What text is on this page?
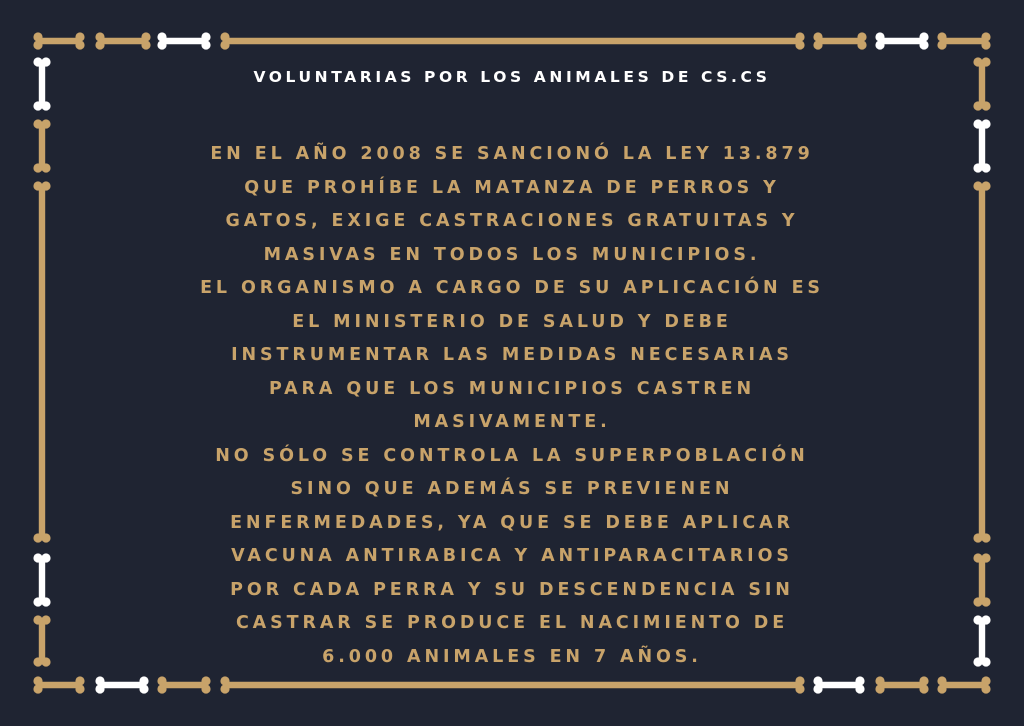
VOLUNTARIAS POR LOS ANIMALES DE CS.CS
EN EL AÑO 2008 SE SANCIONÓ LA LEY 13.879
QUE PROHÍBE LA MATANZA DE PERROS Y
GATOS, EXIGE CASTRACIONES GRATUITAS Y
MASIVAS EN TODOS LOS MUNICIPIOS.
EL ORGANISMO A CARGO DE SU APLICACIÓN ES
EL MINISTERIO DE SALUD Y DEBE
INSTRUMENTAR LAS MEDIDAS NECESARIAS
PARA QUE LOS MUNICIPIOS CASTREN
MASIVAMENTE.
NO SÓLO SE CONTROLA LA SUPERPOBLACIÓN
SINO QUE ADEMÁS SE PREVIENEN
ENFERMEDADES, YA QUE SE DEBE APLICAR
VACUNA ANTIRABICA Y ANTIPARACITARIOS
POR CADA PERRA Y SU DESCENDENCIA SIN
CASTRAR SE PRODUCE EL NACIMIENTO DE
6.000 ANIMALES EN 7 AÑOS.
